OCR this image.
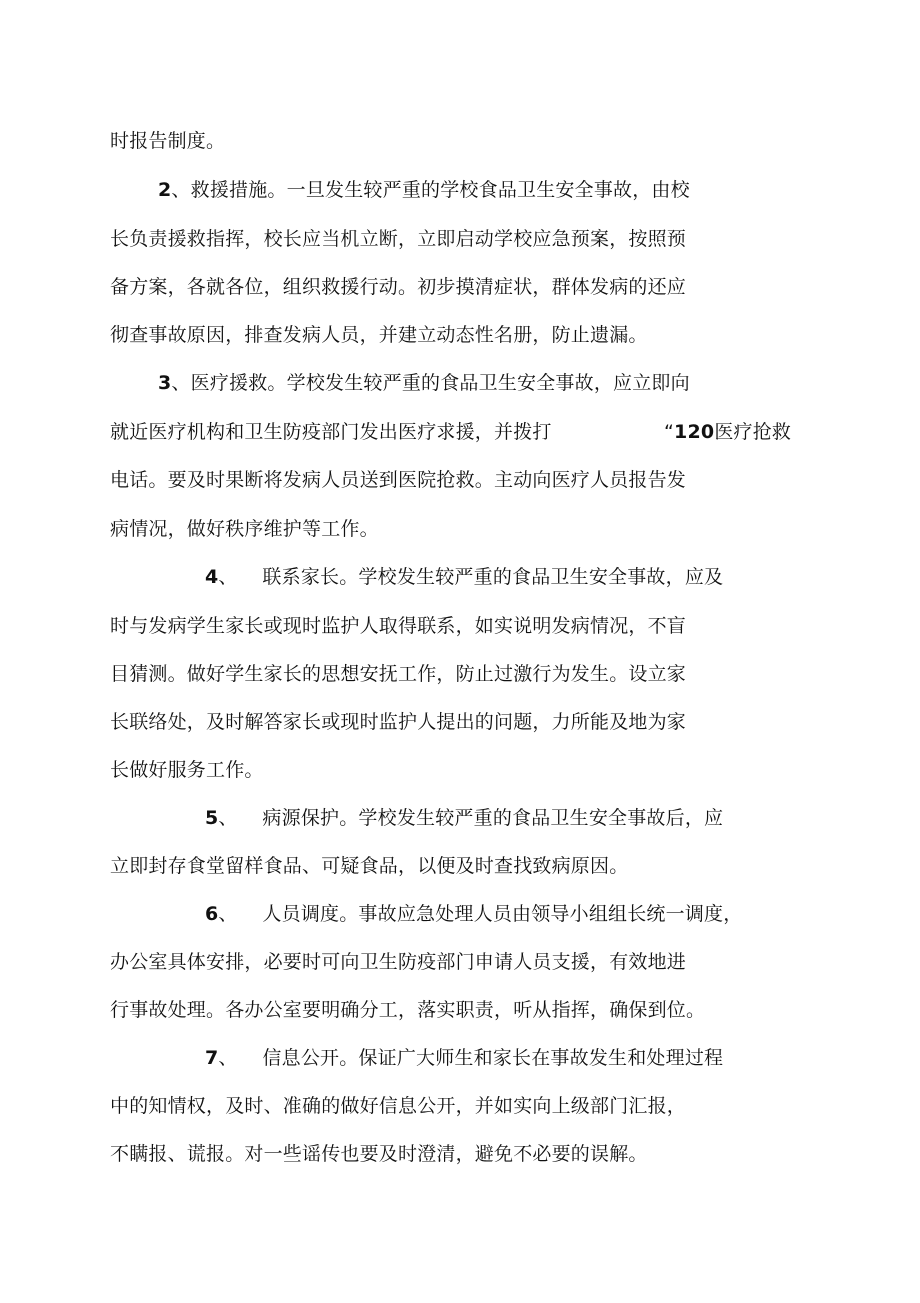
时报告制度。
2、救援措施。一旦发生较严重的学校食品卫生安全事故，由校
长负责援救指挥，校长应当机立断，立即启动学校应急预案，按照预
备方案，各就各位，组织救援行动。初步摸清症状，群体发病的还应
彻查事故原因，排查发病人员，并建立动态性名册，防止遗漏。
3、医疗援救。学校发生较严重的食品卫生安全事故，应立即向
就近医疗机构和卫生防疫部门发出医疗求援，并拨打	“120医疗抢救
电话。要及时果断将发病人员送到医院抢救。主动向医疗人员报告发
病情况，做好秩序维护等工作。
4、 联系家长。学校发生较严重的食品卫生安全事故，应及
时与发病学生家长或现时监护人取得联系，如实说明发病情况，不盲
目猜测。做好学生家长的思想安抚工作，防止过激行为发生。设立家
长联络处，及时解答家长或现时监护人提出的问题，力所能及地为家
长做好服务工作。
5、 病源保护。学校发生较严重的食品卫生安全事故后，应
立即封存食堂留样食品、可疑食品，以便及时查找致病原因。
6、 人员调度。事故应急处理人员由领导小组组长统一调度，
办公室具体安排，必要时可向卫生防疫部门申请人员支援，有效地进
行事故处理。各办公室要明确分工，落实职责，听从指挥，确保到位。
7、 信息公开。保证广大师生和家长在事故发生和处理过程
中的知情权，及时、准确的做好信息公开，并如实向上级部门汇报，
不瞒报、谎报。对一些谣传也要及时澄清，避免不必要的误解。
